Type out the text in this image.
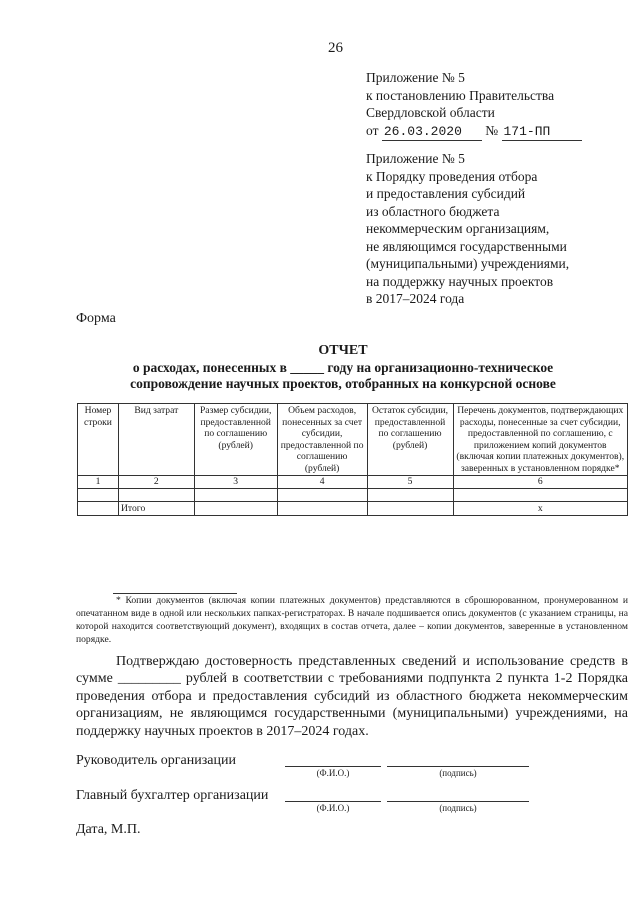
26
Приложение № 5
к постановлению Правительства
Свердловской области
от 26.03.2020 № 171-ПП
Приложение № 5
к Порядку проведения отбора
и предоставления субсидий
из областного бюджета
некоммерческим организациям,
не являющимся государственными
(муниципальными) учреждениями,
на поддержку научных проектов
в 2017–2024 года
Форма
ОТЧЕТ
о расходах, понесенных в _____ году на организационно-техническое
сопровождение научных проектов, отобранных на конкурсной основе
Номер строки	Вид затрат	Размер субсидии, предоставленной по соглашению (рублей)	Объем расходов, понесенных за счет субсидии, предоставленной по соглашению (рублей)	Остаток субсидии, предоставленной по соглашению (рублей)	Перечень документов, подтверждающих расходы, понесенные за счет субсидии, предоставленной по соглашению, с приложением копий документов (включая копии платежных документов), заверенных в установленном порядке*
1	2	3	4	5	6

	Итого				x
* Копии документов (включая копии платежных документов) представляются в сброшюрованном, пронумерованном и опечатанном виде в одной или нескольких папках-регистраторах. В начале подшивается опись документов (с указанием страницы, на которой находится соответствующий документ), входящих в состав отчета, далее – копии документов, заверенные в установленном порядке.
Подтверждаю достоверность представленных сведений и использование средств в сумме _________ рублей в соответствии с требованиями подпункта 2 пункта 1-2 Порядка проведения отбора и предоставления субсидий из областного бюджета некоммерческим организациям, не являющимся государственными (муниципальными) учреждениями, на поддержку научных проектов в 2017–2024 годах.
Руководитель организации
(Ф.И.О.)	(подпись)
Главный бухгалтер организации
(Ф.И.О.)	(подпись)
Дата, М.П.
